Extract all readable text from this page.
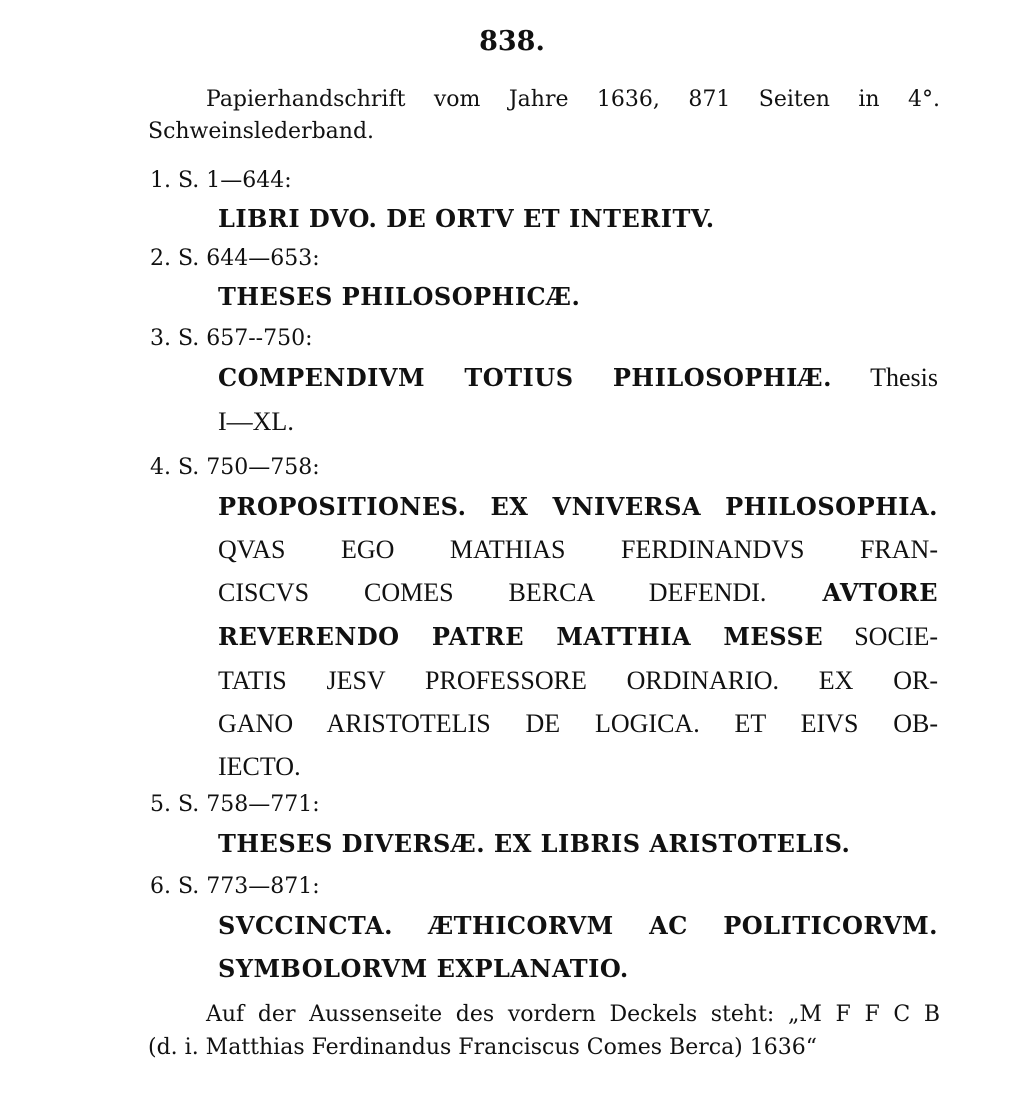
838.
Papierhandschrift vom Jahre 1636, 871 Seiten in 4°.
Schweinslederband.
1. S. 1—644:
LIBRI DVO. DE ORTV ET INTERITV.
2. S. 644—653:
THESES PHILOSOPHICÆ.
3. S. 657--750:
COMPENDIVM TOTIUS PHILOSOPHIÆ. Thesis
I—XL.
4. S. 750—758:
PROPOSITIONES. EX VNIVERSA PHILOSOPHIA.
QVAS EGO MATHIAS FERDINANDVS FRAN-
CISCVS COMES BERCA DEFENDI. AVTORE
REVERENDO PATRE MATTHIA MESSE SOCIE-
TATIS JESV PROFESSORE ORDINARIO. EX OR-
GANO ARISTOTELIS DE LOGICA. ET EIVS OB-
IECTO.
5. S. 758—771:
THESES DIVERSÆ. EX LIBRIS ARISTOTELIS.
6. S. 773—871:
SVCCINCTA. ÆTHICORVM AC POLITICORVM.
SYMBOLORVM EXPLANATIO.
Auf der Aussenseite des vordern Deckels steht: „M F F C B
(d. i. Matthias Ferdinandus Franciscus Comes Berca) 1636“
